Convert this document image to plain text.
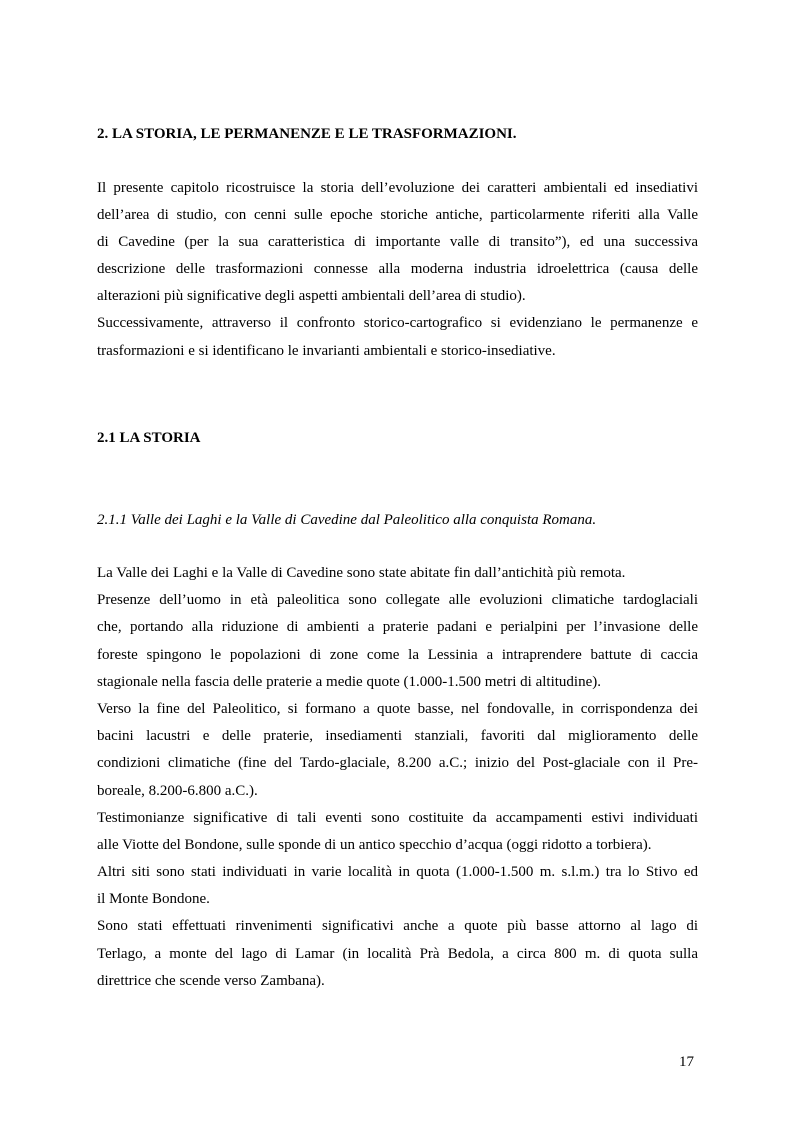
2. LA STORIA, LE PERMANENZE E LE TRASFORMAZIONI.
Il presente capitolo ricostruisce la storia dell’evoluzione dei caratteri ambientali ed insediativi
dell’area di studio, con cenni sulle epoche storiche antiche, particolarmente riferiti alla Valle
di Cavedine (per la sua caratteristica di importante valle di transito”), ed una successiva
descrizione delle trasformazioni connesse alla moderna industria idroelettrica (causa delle
alterazioni più significative degli aspetti ambientali dell’area di studio).
Successivamente, attraverso il confronto storico-cartografico si evidenziano le permanenze e
trasformazioni e si identificano le invarianti ambientali e storico-insediative.
2.1 LA STORIA
2.1.1 Valle dei Laghi e la Valle di Cavedine dal Paleolitico alla conquista Romana.
La Valle dei Laghi e la Valle di Cavedine sono state abitate fin dall’antichità più remota.
Presenze dell’uomo in età paleolitica sono collegate alle evoluzioni climatiche tardoglaciali
che, portando alla riduzione di ambienti a praterie padani e perialpini per l’invasione delle
foreste spingono le popolazioni di zone come la Lessinia a intraprendere battute di caccia
stagionale nella fascia delle praterie a medie quote (1.000-1.500 metri di altitudine).
Verso la fine del Paleolitico, si formano a quote basse, nel fondovalle, in corrispondenza dei
bacini lacustri e delle praterie, insediamenti stanziali, favoriti dal miglioramento delle
condizioni climatiche (fine del Tardo-glaciale, 8.200 a.C.; inizio del Post-glaciale con il Pre-
boreale, 8.200-6.800 a.C.).
Testimonianze significative di tali eventi sono costituite da accampamenti estivi individuati
alle Viotte del Bondone, sulle sponde di un antico specchio d’acqua (oggi ridotto a torbiera).
Altri siti sono stati individuati in varie località in quota (1.000-1.500 m. s.l.m.) tra lo Stivo ed
il Monte Bondone.
Sono stati effettuati rinvenimenti significativi anche a quote più basse attorno al lago di
Terlago, a monte del lago di Lamar (in località Prà Bedola, a circa 800 m. di quota sulla
direttrice che scende verso Zambana).
17
